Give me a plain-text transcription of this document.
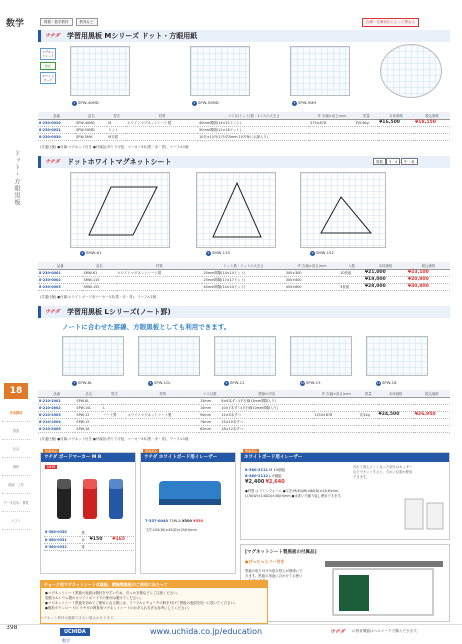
数学
ドット・方眼黒板
18
共用教材
国語
社会
理科
図画・工作
データ活用・算数
ソフト
398
算数・数学教材	教具など	在庫・在庫切れによって異なる
ウチダ 学習用黒板 Mシリーズ ドット・方眼用紙
マグネットシート
緑板
ホワイトボード
1 SPW-40MD	2 SPW-50MD	3 SPW-5MH
品番	品名	型式	材質	マス目(ドット)数・1マスの大きさ	外寸(幅×高さ)mm	質量	本体価格	税込価格
8-230-0020	SPW-40MD	M	ホワイトマグネットシート製	40mm間隔(14×22ドット)	575×878	約0.6kg	¥16,500	¥18,150
8-230-0021	SPW-50MD	ドット		50mm間隔(11×18ドット)				
8-230-0030	SPW-5MH	M方眼		10升×15升(1升:約5mm 10升毎に太線入り)				
(共通仕様) ●付属:マグネット付き ●付属品:吊り下げ紐、マーカー3本(黒・赤・青)、ラーフル1個
ウチダ ドットホワイトマグネットシート	算数	3・4	中・高
4 SMW-61	5 SMW-115	6 SMW-152
品番	品名	材質	ドット数・ドットの大きさ	外寸(幅×高さ)mm	入数	本体価格	税込価格
8-230-0001	SMW-61	ホワイトマグネットシート製	20mm間隔(14×14ドット)	300×300	10枚組	¥21,000	¥23,100
8-230-0002	SMW-115		25mm間隔(17×17ドット)	300×400		¥19,000	¥20,900
8-230-0003	SMW-152		40mm間隔(14×14ドット)	450×600	5枚組	¥28,000	¥30,800
(共通仕様) ●付属:ホワイトボード用マーカー3本(黒・赤・青)、ラーフル1個
ウチダ 学習用黒板 Lシリーズ(ノート罫)
ノートに合わせた罫線、方眼黒板としても利用できます。
7 SPW-8L	8 SPW-10L	9 SPW-12	10 SPW-15	11 SPW-18
品番	品名	型式	材質	マス目数	罫線の内容	外寸(幅×高さ)mm	質量	本体価格	税込価格
8-210-2001	SPW-8L			13mm	8×6本ずつ(平行線13mm間隔入り)				
8-210-2002	SPW-10L	L		10mm	10×7本ずつ(平行線10mm間隔入り)				
8-210-2003	SPW-12	ノート罫	ホワイトマグネットシート製	90mm	12×5本ずつ	1150×878	約1kg	¥24,500	¥26,950
8-210-2004	SPW-15			74mm	15×10本ずつ				
8-210-2005	SPW-18			62mm	18×12本ずつ				
(共通仕様) ●付属:マグネット付き ●付属品:吊り下げ紐、マーカー3本(黒・赤・青)、ラーフル1個
ウチダ ボードマーカー M R
関連商品
NEW
8-380-0330	黒		
8-380-0331	赤	¥150	¥165
8-380-0332	青		
ウチダ ホワイトボード用イレーザー
関連商品
7-337-0040 75W-A ¥500 ¥550
寸法:105(W)×45(D)×25(H)mm
ホワイトボード用イレーザー
関連商品
8-380-2111 M 10個組
8-380-2112 L 5個組
¥2,400 ¥2,640
●材質:メラミンフォーム ●寸法:M/40(W)×80(D)×25(H)mm、L/70(W)×140(D)×30(H)mm ●水洗いで繰り返し使用できます。
汚れて消えにくくなった部分はカッターなどでカットすると、きれいな面が使用できます。
[マグネットシート製黒板の付属品]
●ぴったっとバー付き
黒板の取り付けや掛け替えが簡単にできます。黒板の用途に合わせてお使い
チョーク用マグネットシート式黒板、樹脂製黒板のご使用にあたって
●マグネットシート黒板の表面は傷付きやすいため、引っかき傷などにご注意ください。
炭酸カルシウム製のホワイトボードでの使用は避けてください。
●マグネットシート黒板を初めてご使用になる際には、ラーフルにチョークの粉を付けて黒板の表面を均一に拭いてください。
●無料ダウンロードの ウチダの教育用マグネットシートのお手入れ方法も参考にしてください。
マグネット教材は掲載できない場合があります。
UCHIDA
数学
www.uchida.co.jp/education	ウチダ の教育機器はベルマークで購入できます。
